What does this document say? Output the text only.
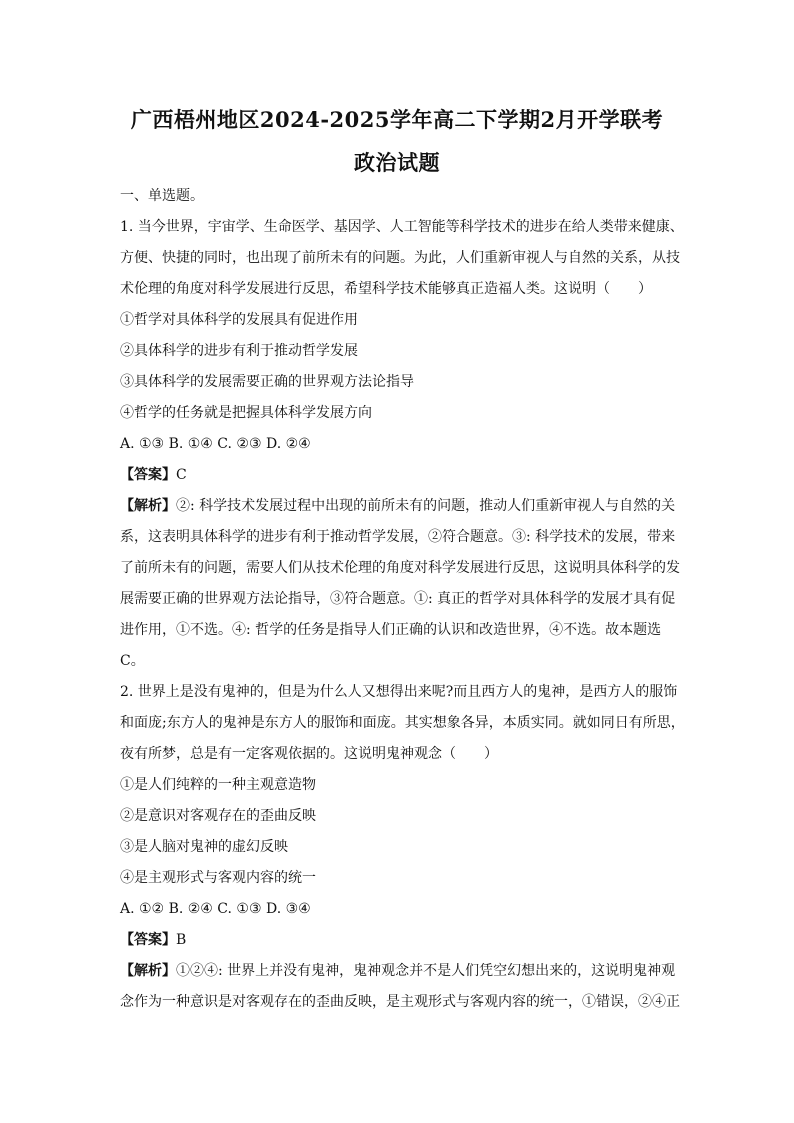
广西梧州地区2024-2025学年高二下学期2月开学联考
政治试题
一、单选题。
1. 当今世界，宇宙学、生命医学、基因学、人工智能等科学技术的进步在给人类带来健康、
方便、快捷的同时，也出现了前所未有的问题。为此，人们重新审视人与自然的关系，从技
术伦理的角度对科学发展进行反思，希望科学技术能够真正造福人类。这说明（　　）
①哲学对具体科学的发展具有促进作用
②具体科学的进步有利于推动哲学发展
③具体科学的发展需要正确的世界观方法论指导
④哲学的任务就是把握具体科学发展方向
A. ①③ B. ①④ C. ②③ D. ②④
【答案】C
【解析】②: 科学技术发展过程中出现的前所未有的问题，推动人们重新审视人与自然的关
系，这表明具体科学的进步有利于推动哲学发展，②符合题意。③: 科学技术的发展，带来
了前所未有的问题，需要人们从技术伦理的角度对科学发展进行反思，这说明具体科学的发
展需要正确的世界观方法论指导，③符合题意。①: 真正的哲学对具体科学的发展才具有促
进作用，①不选。④: 哲学的任务是指导人们正确的认识和改造世界，④不选。故本题选
C。
2. 世界上是没有鬼神的，但是为什么人又想得出来呢?而且西方人的鬼神，是西方人的服饰
和面庞;东方人的鬼神是东方人的服饰和面庞。其实想象各异，本质实同。就如同日有所思，
夜有所梦，总是有一定客观依据的。这说明鬼神观念（　　）
①是人们纯粹的一种主观意造物
②是意识对客观存在的歪曲反映
③是人脑对鬼神的虚幻反映
④是主观形式与客观内容的统一
A. ①② B. ②④ C. ①③ D. ③④
【答案】B
【解析】①②④: 世界上并没有鬼神，鬼神观念并不是人们凭空幻想出来的，这说明鬼神观
念作为一种意识是对客观存在的歪曲反映，是主观形式与客观内容的统一，①错误，②④正
